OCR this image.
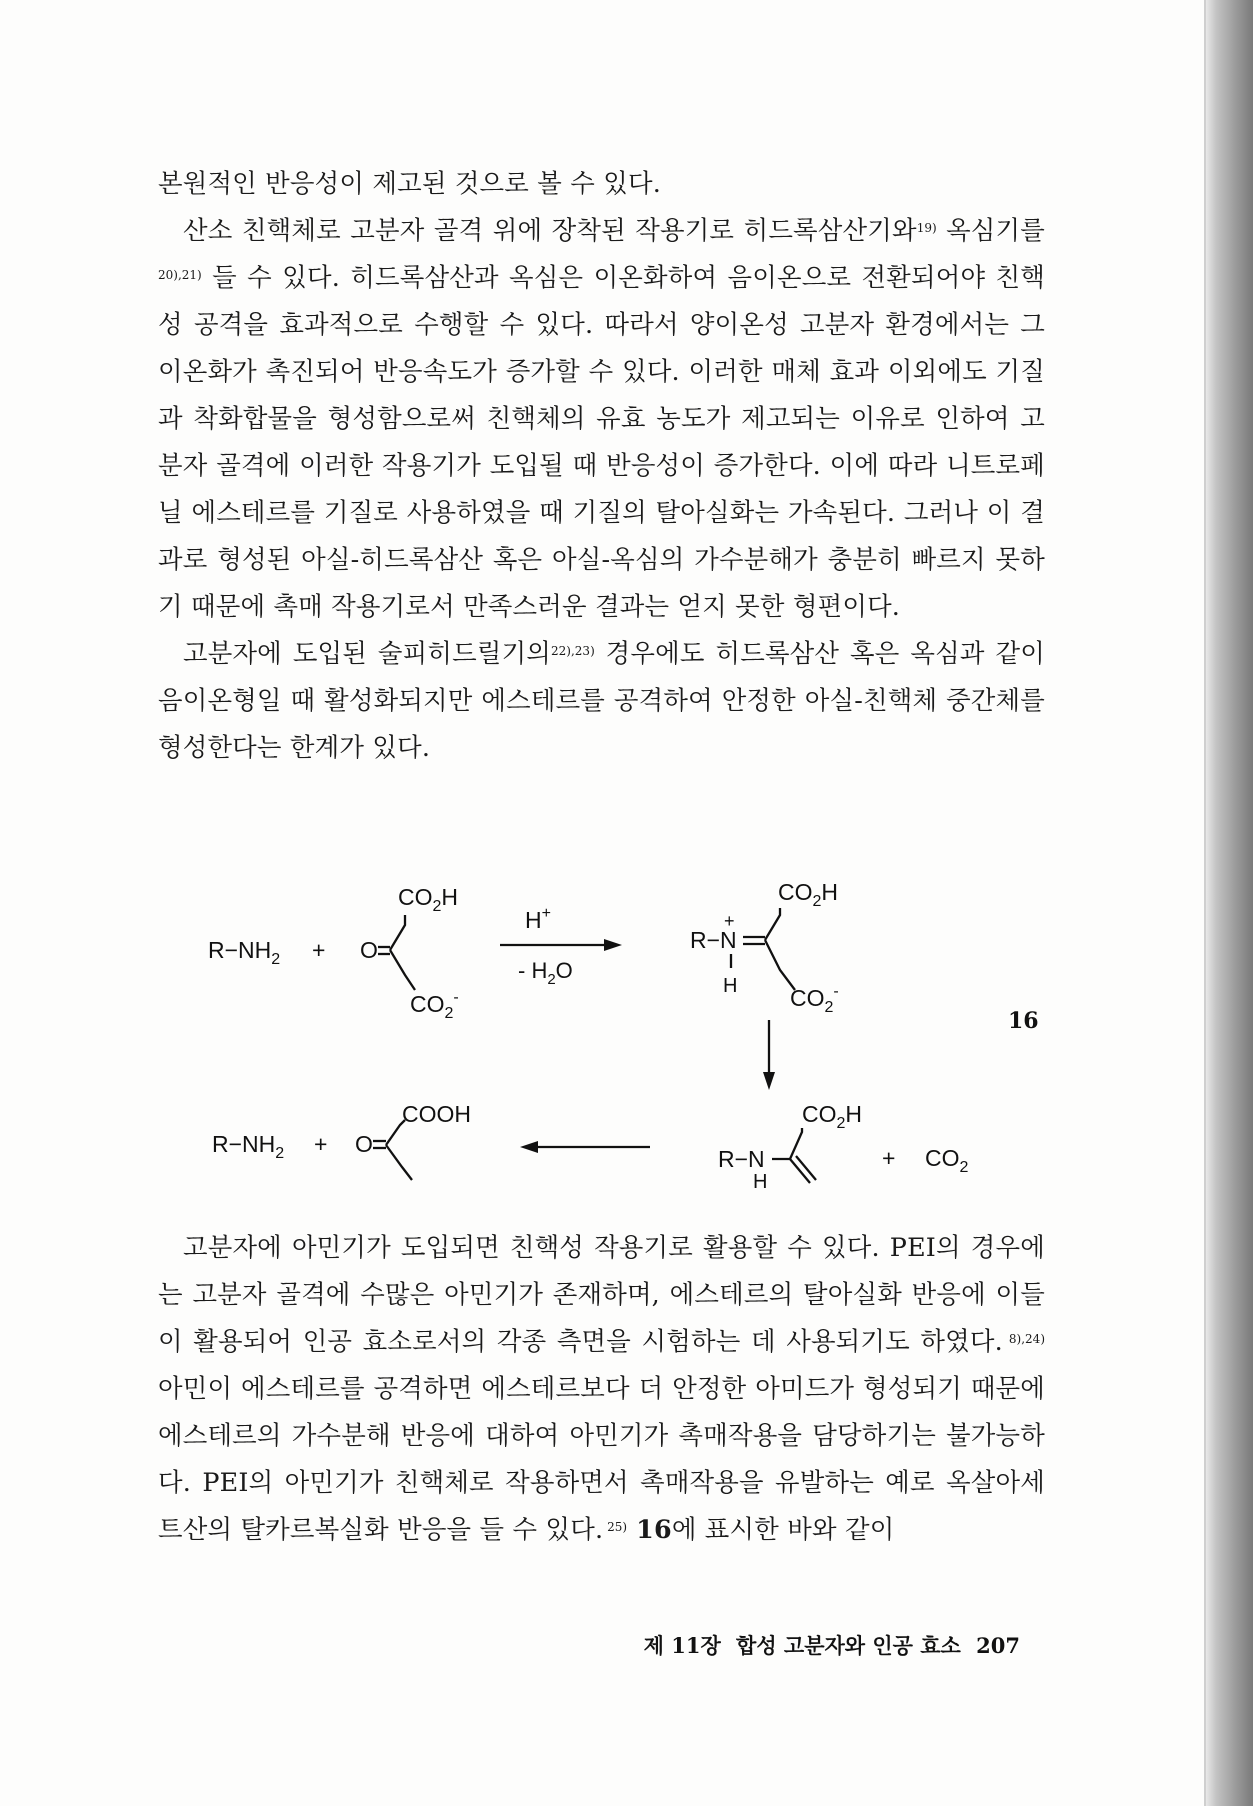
본원적인 반응성이 제고된 것으로 볼 수 있다.

산소 친핵체로 고분자 골격 위에 장착된 작용기로 히드록삼산기와$^{19)}$ 옥심기를$^{20),21)}$ 들 수 있다. 히드록삼산과 옥심은 이온화하여 음이온으로 전환되어야 친핵성 공격을 효과적으로 수행할 수 있다. 따라서 양이온성 고분자 환경에서는 그 이온화가 촉진되어 반응속도가 증가할 수 있다. 이러한 매체 효과 이외에도 기질과 착화합물을 형성함으로써 친핵체의 유효 농도가 제고되는 이유로 인하여 고분자 골격에 이러한 작용기가 도입될 때 반응성이 증가한다. 이에 따라 니트로페닐 에스테르를 기질로 사용하였을 때 기질의 탈아실화는 가속된다. 그러나 이 결과로 형성된 아실-히드록삼산 혹은 아실-옥심의 가수분해가 충분히 빠르지 못하기 때문에 촉매 작용기로서 만족스러운 결과는 얻지 못한 형편이다.

고분자에 도입된 술피히드릴기의$^{22),23)}$ 경우에도 히드록삼산 혹은 옥심과 같이 음이온형일 때 활성화되지만 에스테르를 공격하여 안정한 아실-친핵체 중간체를 형성한다는 한계가 있다.

$R-NH_2 + O$
$CO_2H$
$CO_2^-$
H+
- $H_2O$
R−N
+
H
$CO_2H$
$CO_2^-$
16
$R-NH_2 + O$
COOH
R−N
H
$CO_2H$
+ $CO_2$

고분자에 아민기가 도입되면 친핵성 작용기로 활용할 수 있다. PEI의 경우에는 고분자 골격에 수많은 아민기가 존재하며, 에스테르의 탈아실화 반응에 이들이 활용되어 인공 효소로서의 각종 측면을 시험하는 데 사용되기도 하였다. $^{8),24)}$ 아민이 에스테르를 공격하면 에스테르보다 더 안정한 아미드가 형성되기 때문에 에스테르의 가수분해 반응에 대하여 아민기가 촉매작용을 담당하기는 불가능하다. PEI의 아민기가 친핵체로 작용하면서 촉매작용을 유발하는 예로 옥살아세트산의 탈카르복실화 반응을 들 수 있다. $^{25)}$ 16에 표시한 바와 같이

제 11장 합성 고분자와 인공 효소 207
